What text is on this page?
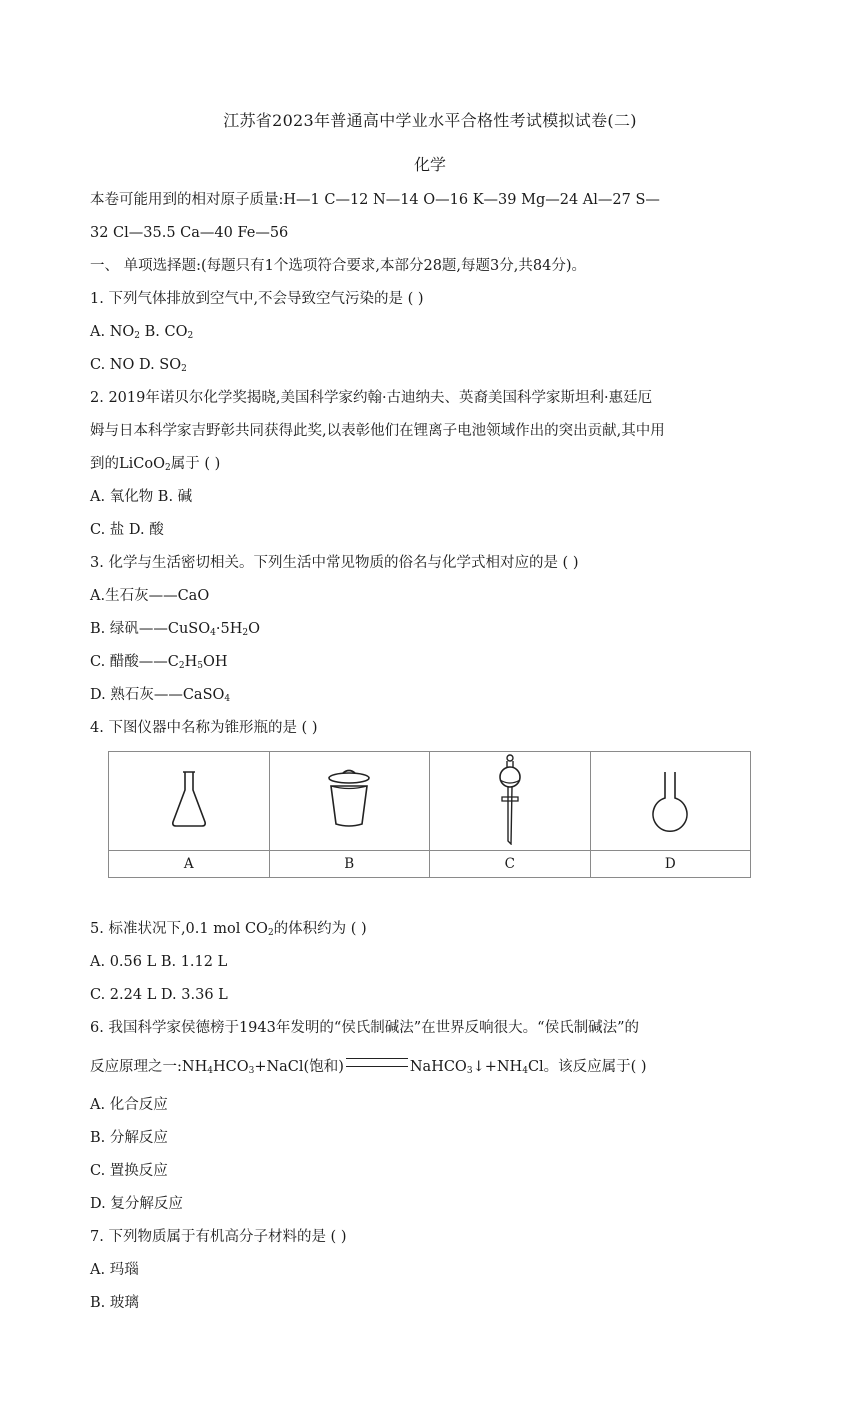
江苏省2023年普通高中学业水平合格性考试模拟试卷(二)
化学
本卷可能用到的相对原子质量:H—1 C—12 N—14 O—16 K—39 Mg—24 Al—27 S—
32 Cl—35.5 Ca—40 Fe—56
一、 单项选择题:(每题只有1个选项符合要求,本部分28题,每题3分,共84分)。
1. 下列气体排放到空气中,不会导致空气污染的是 ( )
A. $NO_2$ B. $CO_2$
C. NO D. $SO_2$
2. 2019年诺贝尔化学奖揭晓,美国科学家约翰·古迪纳夫、英裔美国科学家斯坦利·惠廷厄
姆与日本科学家吉野彰共同获得此奖,以表彰他们在锂离子电池领域作出的突出贡献,其中用
到的LiCoO$_2$属于 ( )
A. 氧化物 B. 碱
C. 盐 D. 酸
3. 化学与生活密切相关。下列生活中常见物质的俗名与化学式相对应的是 ( )
A.生石灰——CaO
B. 绿矾$——CuSO_4\cdot 5H_2O$
C. 醋酸$——C_2H_5OH$
D. 熟石灰——CaSO$_4$
4. 下图仪器中名称为锥形瓶的是 ( )

A	B	C	D
5. 标准状况下,0.1 mol $CO_2$的体积约为 ( )
A. 0.56 L B. 1.12 L
C. 2.24 L D. 3.36 L
6. 我国科学家侯德榜于1943年发明的“侯氏制碱法”在世界反响很大。“侯氏制碱法”的
反应原理之一$:NH_4HCO_3+NaCl$(饱和)	$NaHCO_3↓+NH_4Cl$。该反应属于( )
A. 化合反应
B. 分解反应
C. 置换反应
D. 复分解反应
7. 下列物质属于有机高分子材料的是 ( )
A. 玛瑙
B. 玻璃
